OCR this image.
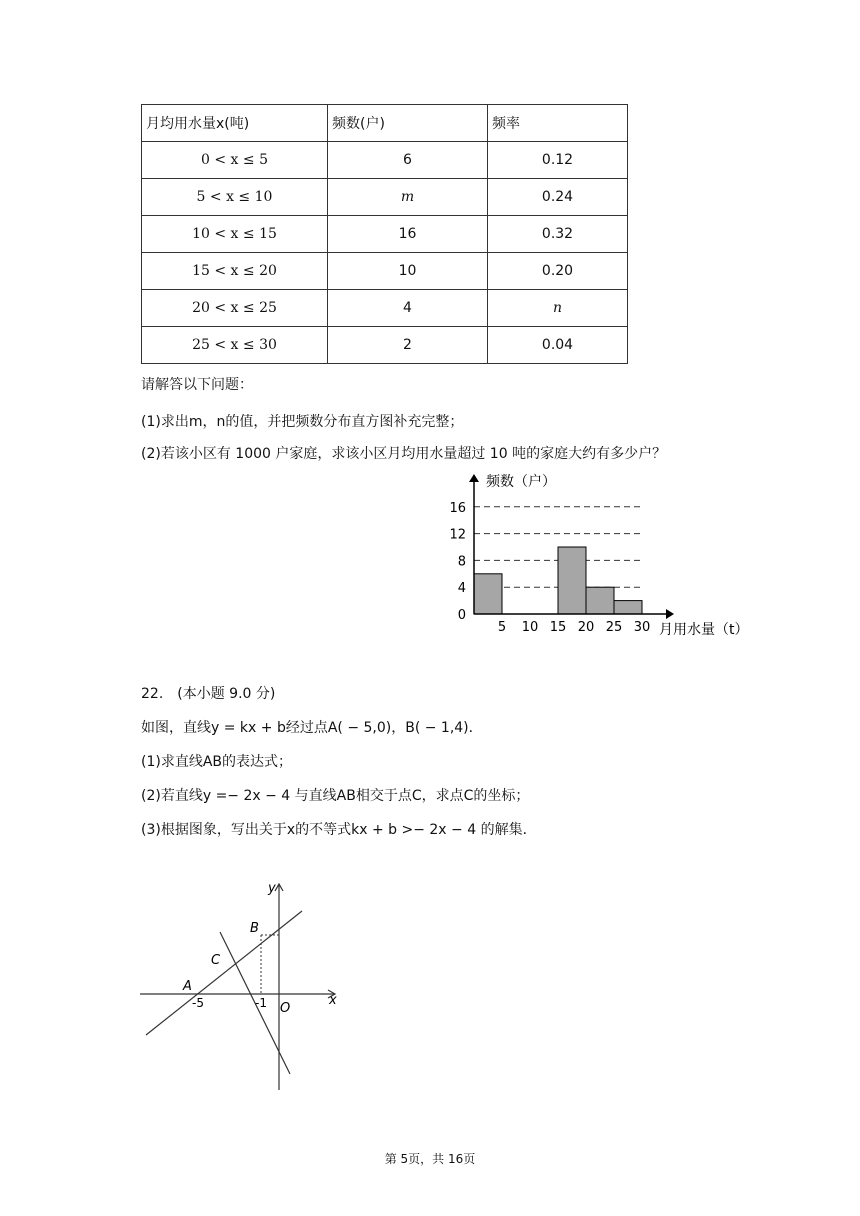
月均用水量x(吨)	频数(户)	频率
0 < x ≤ 5	6	0.12
5 < x ≤ 10	m	0.24
10 < x ≤ 15	16	0.32
15 < x ≤ 20	10	0.20
20 < x ≤ 25	4	n
25 < x ≤ 30	2	0.04
请解答以下问题：
(1)求出m，n的值，并把频数分布直方图补充完整；
(2)若该小区有 1000 户家庭，求该小区月均用水量超过 10 吨的家庭大约有多少户？
0
4
8
12
16
5 10 15 20 25 30
频数（户）
月用水量（t）
22.　(本小题 9.0 分)
如图，直线y = kx + b经过点A( − 5,0)，B( − 1,4)．
(1)求直线AB的表达式；
(2)若直线y =− 2x − 4 与直线AB相交于点C，求点C的坐标；
(3)根据图象，写出关于x的不等式kx + b >− 2x − 4 的解集．
y
x
B
C
A
-5	-1 O
第 5页，共 16页
